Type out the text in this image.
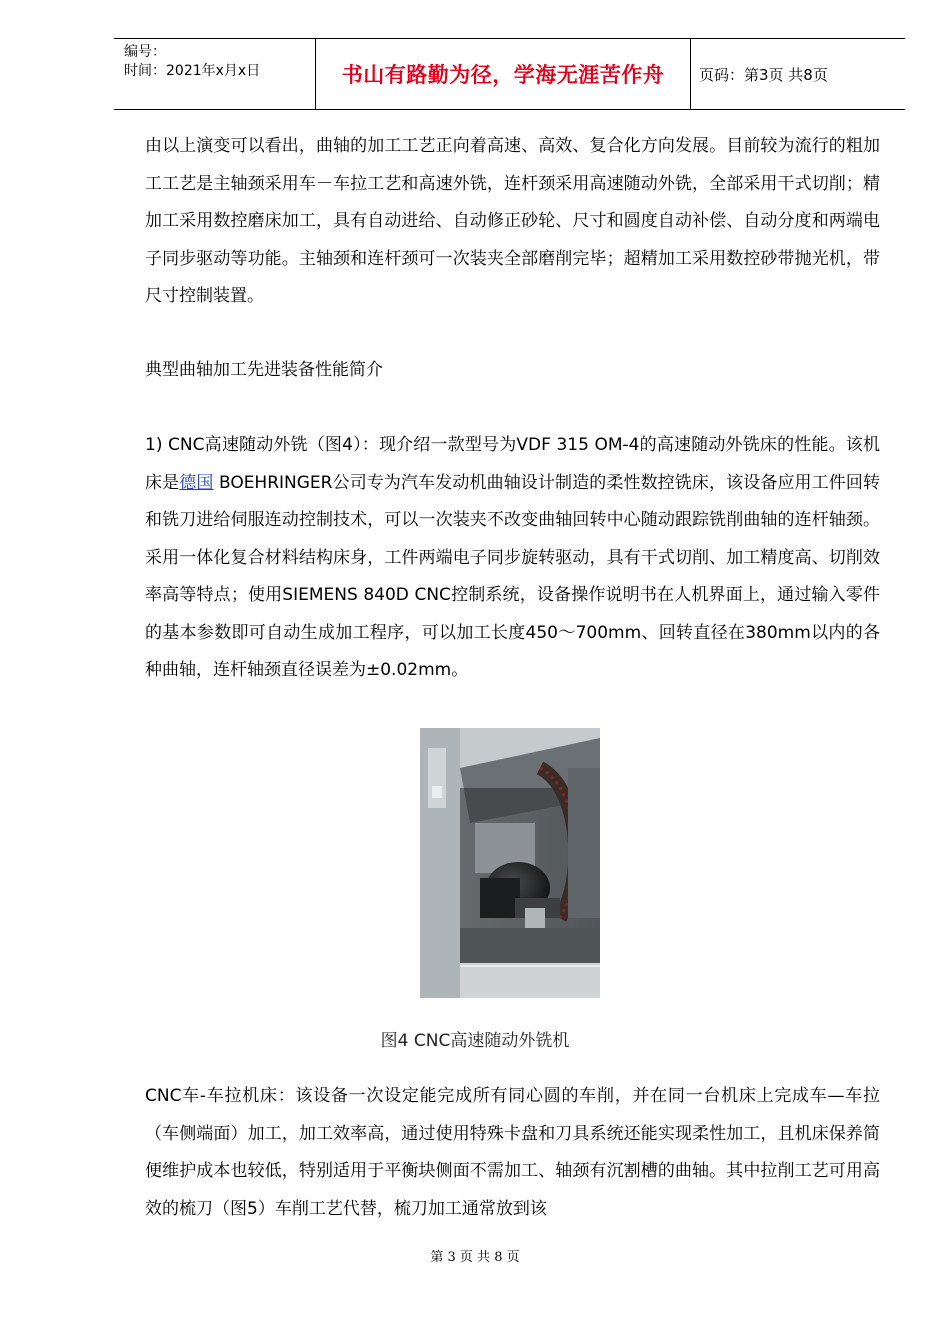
编号：
时间：2021年x月x日	书山有路勤为径，学海无涯苦作舟	页码：第3页 共8页

由以上演变可以看出，曲轴的加工工艺正向着高速、高效、复合化方向发展。目前较为流行的粗加工工艺是主轴颈采用车－车拉工艺和高速外铣，连杆颈采用高速随动外铣，全部采用干式切削；精加工采用数控磨床加工，具有自动进给、自动修正砂轮、尺寸和圆度自动补偿、自动分度和两端电子同步驱动等功能。主轴颈和连杆颈可一次装夹全部磨削完毕；超精加工采用数控砂带抛光机，带尺寸控制装置。

典型曲轴加工先进装备性能简介

1) CNC高速随动外铣（图4）：现介绍一款型号为VDF 315 OM-4的高速随动外铣床的性能。该机床是德国 BOEHRINGER公司专为汽车发动机曲轴设计制造的柔性数控铣床，该设备应用工件回转和铣刀进给伺服连动控制技术，可以一次装夹不改变曲轴回转中心随动跟踪铣削曲轴的连杆轴颈。采用一体化复合材料结构床身，工件两端电子同步旋转驱动，具有干式切削、加工精度高、切削效率高等特点；使用SIEMENS 840D CNC控制系统，设备操作说明书在人机界面上，通过输入零件的基本参数即可自动生成加工程序，可以加工长度450～700mm、回转直径在380mm以内的各种曲轴，连杆轴颈直径误差为±0.02mm。

图4 CNC高速随动外铣机

CNC车-车拉机床：该设备一次设定能完成所有同心圆的车削，并在同一台机床上完成车—车拉（车侧端面）加工，加工效率高，通过使用特殊卡盘和刀具系统还能实现柔性加工，且机床保养简便维护成本也较低，特别适用于平衡块侧面不需加工、轴颈有沉割槽的曲轴。其中拉削工艺可用高效的梳刀（图5）车削工艺代替，梳刀加工通常放到该

第 3 页 共 8 页
